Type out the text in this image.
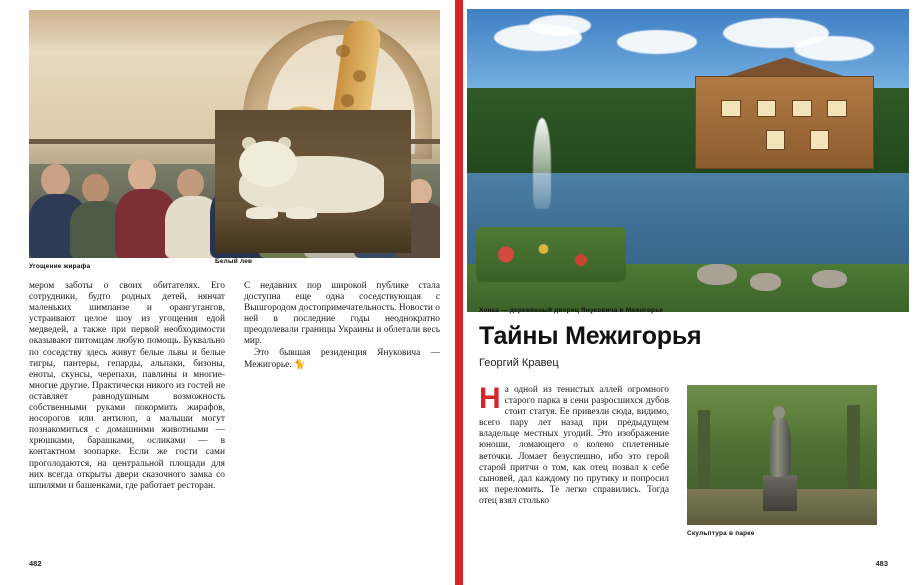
Угощение жирафа

мером заботы о своих обитателях. Его сотрудники, будто родных детей, нянчат маленьких шимпанзе и орангутангов, устраивают целое шоу из угощения едой медведей, а также при первой необходимости оказывают питомцам любую помощь. Буквально по соседству здесь живут белые львы и белые тигры, пантеры, гепарды, альпаки, бизоны, еноты, скунсы, черепахи, павлины и многие-многие другие. Практически никого из гостей не оставляет равнодушным возможность собственными руками покормить жирафов, носорогов или антилоп, а малыши могут познакомиться с домашними животными — хрюшками, барашками, осликами — в контактном зоопарке. Если же гости сами проголодаются, на центральной площади для них всегда открыты двери сказочного замка со шпилями и башенками, где работает ресторан.

С недавних пор широкой публике стала доступна еще одна соседствующая с Вышгородом достопримечательность. Новости о ней в последние годы неоднократно преодолевали границы Украины и облетали весь мир.

Это бывшая резиденция Януковича — Межигорье. 🐈

Белый лев
482
Хонка — деревянный дворец Януковича в Межигорье
Тайны Межигорья
Георгий Кравец

На одной из тенистых аллей огромного старого парка в сени разросшихся дубов стоит статуя. Ее привезли сюда, видимо, всего пару лет назад при предыдущем владельце местных угодий. Это изображение юноши, ломающего о колено сплетенные веточки. Ломает безуспешно, ибо это герой старой притчи о том, как отец позвал к себе сыновей, дал каждому по прутику и попросил их переломить. Те легко справились. Тогда отец взял столько

Скульптура в парке
483
